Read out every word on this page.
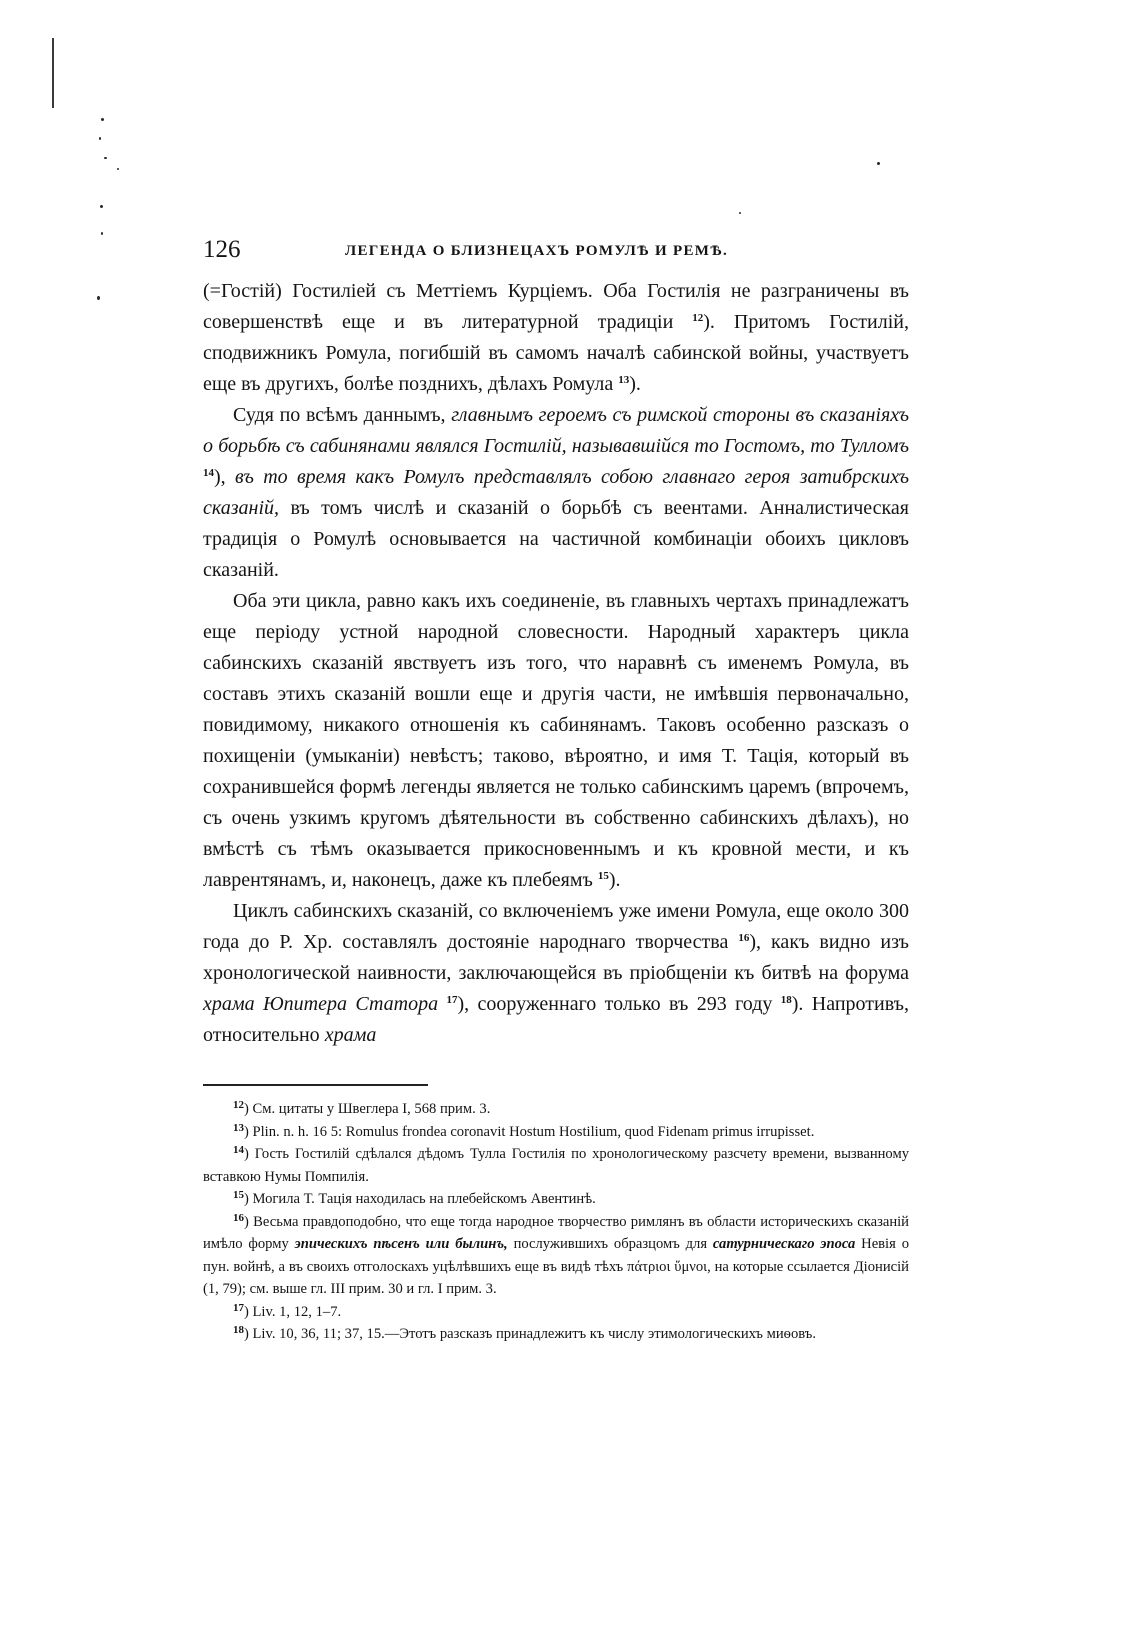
126	ЛЕГЕНДА О БЛИЗНЕЦАХЪ РОМУЛѢ И РЕМѢ.

(=Гостій) Гостиліей съ Меттіемъ Курціемъ. Оба Гостилія не разграничены въ совершенствѣ еще и въ литературной традиціи $^{12}$). Притомъ Гостилій, сподвижникъ Ромула, погибшій въ самомъ началѣ сабинской войны, участвуетъ еще въ другихъ, болѣе позднихъ, дѣлахъ Ромула $^{13}$).

Судя по всѣмъ даннымъ, главнымъ героемъ съ римской стороны въ сказаніяхъ о борьбѣ съ сабинянами являлся Гостилій, называвшійся то Гостомъ, то Тулломъ $^{14}$), въ то время какъ Ромулъ представлялъ собою главнаго героя затибрскихъ сказаній, въ томъ числѣ и сказаній о борьбѣ съ веентами. Анналистическая традиція о Ромулѣ основывается на частичной комбинаціи обоихъ цикловъ сказаній.

Оба эти цикла, равно какъ ихъ соединеніе, въ главныхъ чертахъ принадлежатъ еще періоду устной народной словесности. Народный характеръ цикла сабинскихъ сказаній явствуетъ изъ того, что наравнѣ съ именемъ Ромула, въ составъ этихъ сказаній вошли еще и другія части, не имѣвшія первоначально, повидимому, никакого отношенія къ сабинянамъ. Таковъ особенно разсказъ о похищеніи (умыканіи) невѣстъ; таково, вѣроятно, и имя Т. Тація, который въ сохранившейся формѣ легенды является не только сабинскимъ царемъ (впрочемъ, съ очень узкимъ кругомъ дѣятельности въ собственно сабинскихъ дѣлахъ), но вмѣстѣ съ тѣмъ оказывается прикосновеннымъ и къ кровной мести, и къ лаврентянамъ, и, наконецъ, даже къ плебеямъ $^{15}$).

Циклъ сабинскихъ сказаній, со включеніемъ уже имени Ромула, еще около 300 года до Р. Хр. составлялъ достояніе народнаго творчества $^{16}$), какъ видно изъ хронологической наивности, заключающейся въ пріобщеніи къ битвѣ на форума храма Юпитера Статора $^{17}$), сооруженнаго только въ 293 году $^{18}$). Напротивъ, относительно храма

$^{12}$) См. цитаты у Швеглера I, 568 прим. 3.

$^{13}$) Plin. n. h. 16 5: Romulus frondea coronavit Hostum Hostilium, quod Fidenam primus irrupisset.

$^{14}$) Гость Гостилій сдѣлался дѣдомъ Тулла Гостилія по хронологическому разсчету времени, вызванному вставкою Нумы Помпилія.

$^{15}$) Могила Т. Тація находилась на плебейскомъ Авентинѣ.

$^{16}$) Весьма правдоподобно, что еще тогда народное творчество римлянъ въ области историческихъ сказаній имѣло форму эпическихъ пѣсенъ или былинъ, послужившихъ образцомъ для сатурническаго эпоса Невія о пун. войнѣ, а въ своихъ отголоскахъ уцѣлѣвшихъ еще въ видѣ тѣхъ πάτριοι ὕμνοι, на которые ссылается Діонисій (1, 79); см. выше гл. III прим. 30 и гл. I прим. 3.

$^{17}$) Liv. 1, 12, 1–7.

$^{18}$) Liv. 10, 36, 11; 37, 15.—Этотъ разсказъ принадлежитъ къ числу этимологическихъ миѳовъ.
